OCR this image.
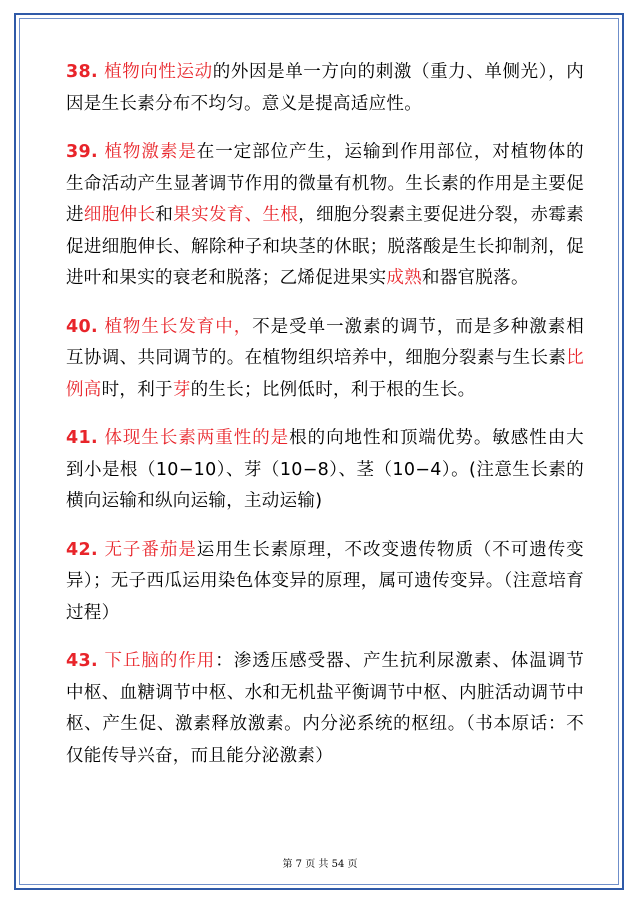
38. 植物向性运动的外因是单一方向的刺激（重力、单侧光），内因是生长素分布不均匀。意义是提高适应性。

39. 植物激素是在一定部位产生，运输到作用部位，对植物体的生命活动产生显著调节作用的微量有机物。生长素的作用是主要促进细胞伸长和果实发育、生根，细胞分裂素主要促进分裂，赤霉素促进细胞伸长、解除种子和块茎的休眠；脱落酸是生长抑制剂，促进叶和果实的衰老和脱落；乙烯促进果实成熟和器官脱落。

40. 植物生长发育中，不是受单一激素的调节，而是多种激素相互协调、共同调节的。在植物组织培养中，细胞分裂素与生长素比例高时，利于芽的生长；比例低时，利于根的生长。

41. 体现生长素两重性的是根的向地性和顶端优势。敏感性由大到小是根（10−10）、芽（10−8）、茎（10−4）。(注意生长素的横向运输和纵向运输，主动运输)

42. 无子番茄是运用生长素原理，不改变遗传物质（不可遗传变异）；无子西瓜运用染色体变异的原理，属可遗传变异。（注意培育过程）

43. 下丘脑的作用：渗透压感受器、产生抗利尿激素、体温调节中枢、血糖调节中枢、水和无机盐平衡调节中枢、内脏活动调节中枢、产生促、激素释放激素。内分泌系统的枢纽。（书本原话：不仅能传导兴奋，而且能分泌激素）

第 7 页 共 54 页
